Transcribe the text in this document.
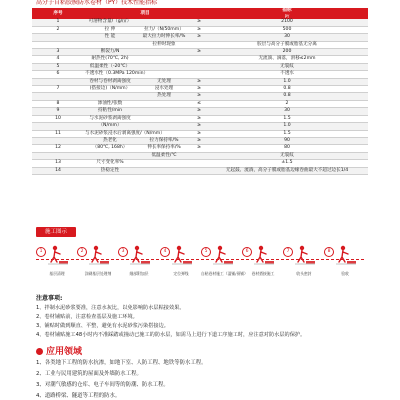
高分子自粘胶膜防水卷材（PY）技术性能指标
序号	项目			指标
				PY
1	可溶物含量/（g/㎡）		≥	2100
2	拉 伸	拉力/（N/50mm）	≥	500
	性 能	最大拉力时伸长率/%	≥	30
		拉伸时现象		胶层与高分子膜或胎基无分离
3	断裂力/N		≥	200
4	耐热性(70℃, 2h)			无流淌、滴落，滑移≤2mm
5	低温柔性（-20℃）			无裂纹
6	不透水性（0.3MPa 120min）			不透水
	卷材与卷材剥离强度	无处理	≥	1.0
7	(搭接边)（N/mm）	浸水处理	≥	0.8
		热处理	≥	0.8
8	渗油性/张数		≤	2
9	持粘性/min		≥	30
10	与水泥砂浆剥离强度		≥	1.5
	（N/mm）		≥	1.0
11	与水泥砂浆浸水后剥离强度/（N/mm）		≥	1.5
	热老化	拉力保持率/%	≥	90
12	（80℃, 168h）	伸长率保持率/%	≥	80
		低温柔性/℃		无裂纹
13	尺寸变化率%			±1.5
14	热稳定性			无起鼓、流淌，高分子膜或胎基边缘卷曲最大不超过边长1/4
施工图示
1
基层清理
2
涂刷基层处理剂
3
细部附加层
4
定位弹线
5
自粘卷材施工（湿铺/预铺）
6
卷材搭接施工
7
收头密封
8
验收
注意事项:
1、拌制水泥砂浆要准，注意水灰比，以免影响防水层粘接效果。
2、卷材铺贴前，注意检查基层及施工环境。
3、铺贴时做到顺直、平整，避免有水泥砂浆污染搭接边。
4、卷材铺贴施工48小时内不准踩踏或撞动已施工的防水层，如需马上进行下道工序施工时，应注意对防水层的保护。
应用领域
1、各类地下工程的防水抗渗，如地下室、人防工程、地铁等防水工程。
2、工业与民用建筑的屋面及外墙防水工程。
3、对潮气敏感的仓库、电子车间等的防潮、防水工程。
4、道路桥梁、隧道等工程的防水。
